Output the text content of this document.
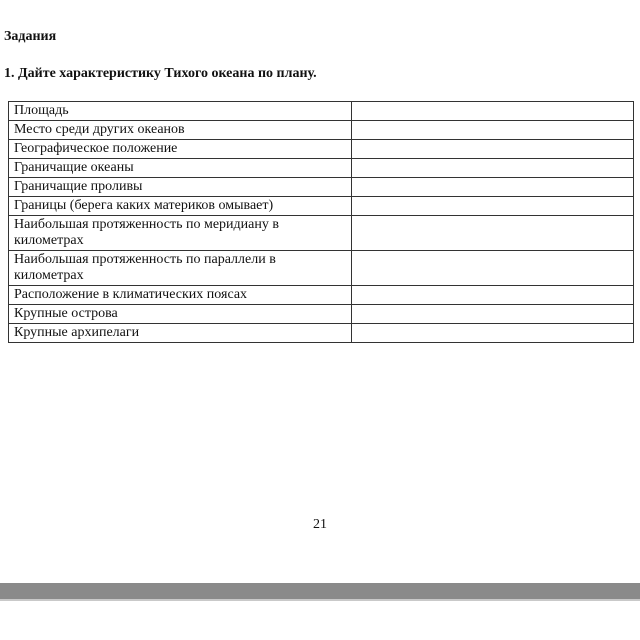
Задания

1. Дайте характеристику Тихого океана по плану.

Площадь	
Место среди других океанов	
Географическое положение	
Граничащие океаны	
Граничащие проливы	
Границы (берега каких материков омывает)	
Наибольшая протяженность по меридиану в километрах	
Наибольшая протяженность по параллели в километрах	
Расположение в климатических поясах	
Крупные острова	
Крупные архипелаги	
21
